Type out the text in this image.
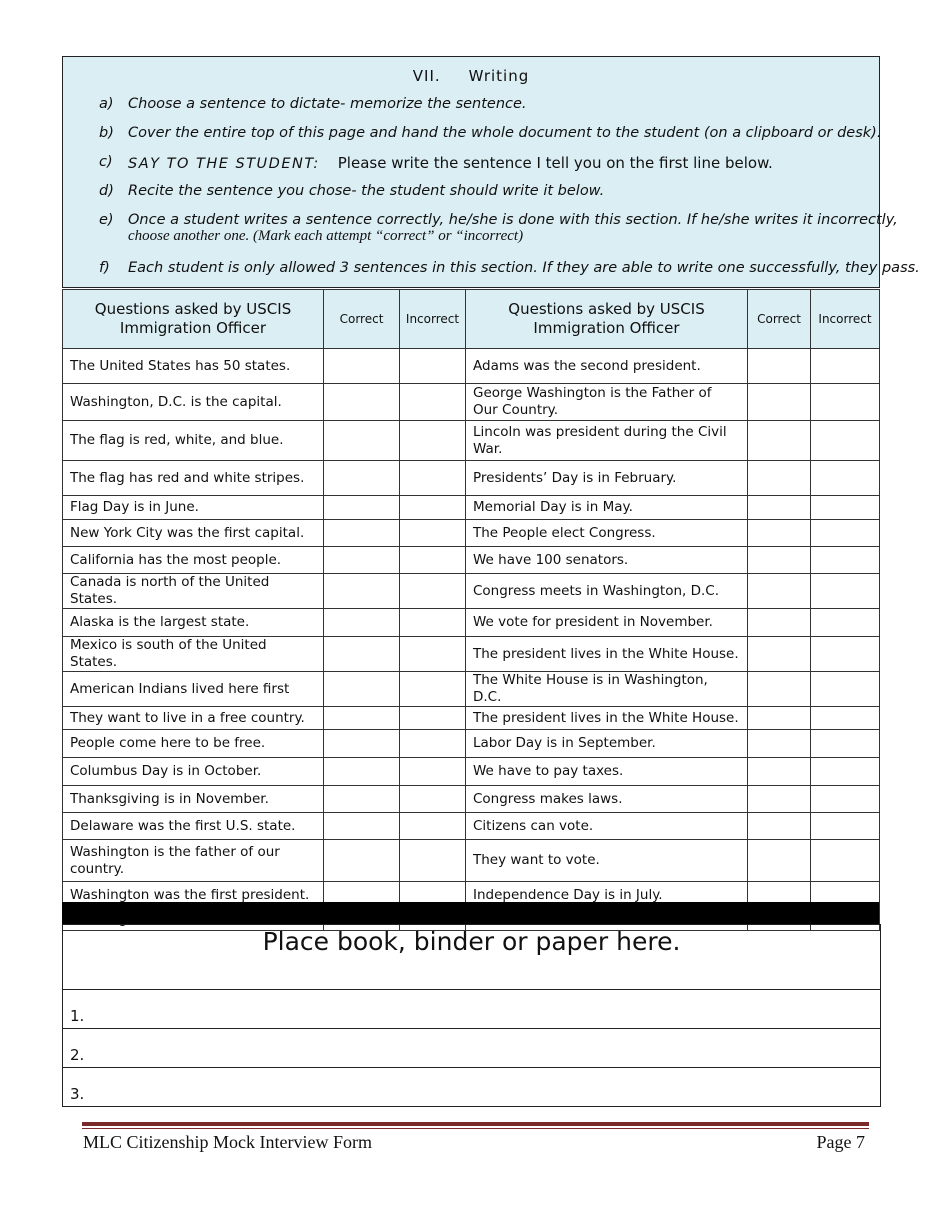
VII. Writing
a) Choose a sentence to dictate- memorize the sentence.
b) Cover the entire top of this page and hand the whole document to the student (on a clipboard or desk).
c)	SAY TO THE STUDENT: Please write the sentence I tell you on the first line below.
d) Recite the sentence you chose- the student should write it below.
e) Once a student writes a sentence correctly, he/she is done with this section. If he/she writes it incorrectly,
choose another one. (Mark each attempt “correct” or “incorrect)
f)	Each student is only allowed 3 sentences in this section. If they are able to write one successfully, they pass.
Questions asked by USCIS Immigration Officer	Correct	Incorrect	Questions asked by USCIS Immigration Officer	Correct	Incorrect
The United States has 50 states.			Adams was the second president.		
Washington, D.C. is the capital.			George Washington is the Father of Our Country.		
The flag is red, white, and blue.			Lincoln was president during the Civil War.		
The flag has red and white stripes.			Presidents’ Day is in February.		
Flag Day is in June.			Memorial Day is in May.		
New York City was the first capital.			The People elect Congress.		
California has the most people.			We have 100 senators.		
Canada is north of the United States.			Congress meets in Washington, D.C.		
Alaska is the largest state.			We vote for president in November.		
Mexico is south of the United States.			The president lives in the White House.		
American Indians lived here first			The White House is in Washington, D.C.		
They want to live in a free country.			The president lives in the White House.		
People come here to be free.			Labor Day is in September.		
Columbus Day is in October.			We have to pay taxes.		
Thanksgiving is in November.			Congress makes laws.		
Delaware was the first U.S. state.			Citizens can vote.		
Washington is the father of our country.			They want to vote.		
Washington was the first president.			Independence Day is in July.		

Place book, binder or paper here.
1.
2.
3.
MLC Citizenship Mock Interview Form	Page 7
